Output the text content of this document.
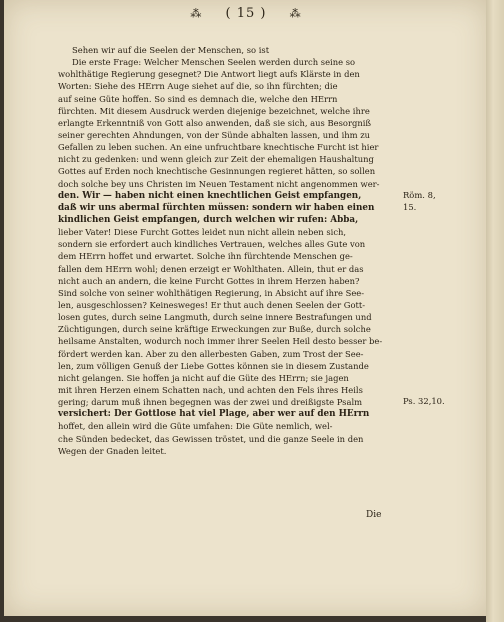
⁂ ( 15 ) ⁂
Sehen wir auf die Seelen der Menschen, so ist
Die erste Frage: Welcher Menschen Seelen werden durch seine so
wohlthätige Regierung gesegnet? Die Antwort liegt aufs Klärste in den
Worten: Siehe des HErrn Auge siehet auf die, so ihn fürchten; die
auf seine Güte hoffen. So sind es demnach die, welche den HErrn
fürchten. Mit diesem Ausdruck werden diejenige bezeichnet, welche ihre
erlangte Erkenntniß von Gott also anwenden, daß sie sich, aus Besorgniß
seiner gerechten Ahndungen, von der Sünde abhalten lassen, und ihm zu
Gefallen zu leben suchen. An eine unfruchtbare knechtische Furcht ist hier
nicht zu gedenken: und wenn gleich zur Zeit der ehemaligen Haushaltung
Gottes auf Erden noch knechtische Gesinnungen regieret hätten, so sollen
doch solche bey uns Christen im Neuen Testament nicht angenommen wer-
den. Wir — haben nicht einen knechtlichen Geist empfangen,
daß wir uns abermal fürchten müssen: sondern wir haben einen
kindlichen Geist empfangen, durch welchen wir rufen: Abba,
lieber Vater! Diese Furcht Gottes leidet nun nicht allein neben sich,
sondern sie erfordert auch kindliches Vertrauen, welches alles Gute von
dem HErrn hoffet und erwartet. Solche ihn fürchtende Menschen ge-
fallen dem HErrn wohl; denen erzeigt er Wohlthaten. Allein, thut er das
nicht auch an andern, die keine Furcht Gottes in ihrem Herzen haben?
Sind solche von seiner wohlthätigen Regierung, in Absicht auf ihre See-
len, ausgeschlossen? Keinesweges! Er thut auch denen Seelen der Gott-
losen gutes, durch seine Langmuth, durch seine innere Bestrafungen und
Züchtigungen, durch seine kräftige Erweckungen zur Buße, durch solche
heilsame Anstalten, wodurch noch immer ihrer Seelen Heil desto besser be-
fördert werden kan. Aber zu den allerbesten Gaben, zum Trost der See-
len, zum völligen Genuß der Liebe Gottes können sie in diesem Zustande
nicht gelangen. Sie hoffen ja nicht auf die Güte des HErrn; sie jagen
mit ihren Herzen einem Schatten nach, und achten den Fels ihres Heils
gering; darum muß ihnen begegnen was der zwei und dreißigste Psalm
versichert: Der Gottlose hat viel Plage, aber wer auf den HErrn
hoffet, den allein wird die Güte umfahen: Die Güte nemlich, wel-
che Sünden bedecket, das Gewissen tröstet, und die ganze Seele in den
Wegen der Gnaden leitet.
Röm. 8,
15.
Ps. 32,10.
Die
